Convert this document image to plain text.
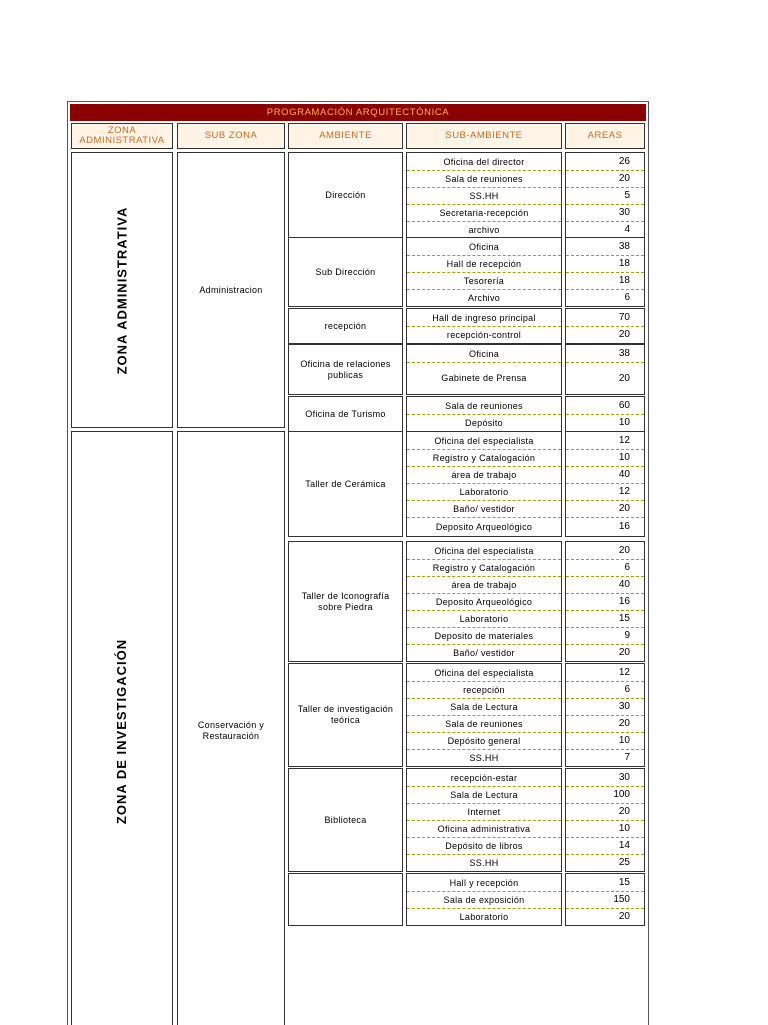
PROGRAMACIÓN ARQUITECTÓNICA
ZONA ADMINISTRATIVA	SUB ZONA	AMBIENTE	SUB-AMBIENTE	AREAS
ZONA ADMINISTRATIVA
ZONA DE INVESTIGACIÓN
Administracion
Conservación y Restauración
Dirección
Oficina del director	26
Sala de reuniones	20
SS.HH	5
Secretaria-recepción	30
archivo	4
Sub Dirección
Oficina	38
Hall de recepción	18
Tesorería	18
Archivo	6
recepción
Hall de ingreso principal	70
recepción-control	20
Oficina de relaciones publicas
Oficina	38
Gabinete de Prensa	20
Oficina de Turismo
Sala de reuniones	60
Depósito	10
Taller de Cerámica
Oficina del especialista	12
Registro y Catalogación	10
área de trabajo	40
Laboratorio	12
Baño/ vestidor	20
Deposito Arqueológico	16
Taller de Iconografía sobre Piedra
Oficina del especialista	20
Registro y Catalogación	6
área de trabajo	40
Deposito Arqueológico	16
Laboratorio	15
Deposito de materiales	9
Baño/ vestidor	20
Taller de investigación teórica
Oficina del especialista	12
recepción	6
Sala de Lectura	30
Sala de reuniones	20
Depósito general	10
SS.HH	7
Biblioteca
recepción-estar	30
Sala de Lectura	100
Internet	20
Oficina administrativa	10
Depósito de libros	14
SS.HH	25
Hall y recepción	15
Sala de exposición	150
Laboratorio	20
